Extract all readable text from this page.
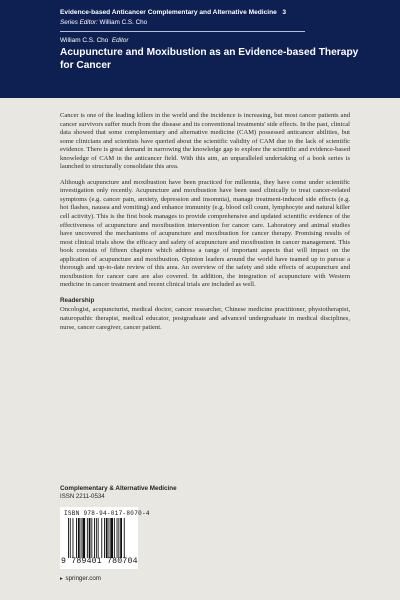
Evidence-based Anticancer Complementary and Alternative Medicine 3
Series Editor: William C.S. Cho
William C.S. Cho Editor
Acupuncture and Moxibustion as an Evidence-based Therapy for Cancer

Cancer is one of the leading killers in the world and the incidence is increasing, but most cancer patients and cancer survivors suffer much from the disease and its conventional treatments' side effects. In the past, clinical data showed that some complementary and alternative medicine (CAM) possessed anticancer abilities, but some clinicians and scientists have queried about the scientific validity of CAM due to the lack of scientific evidence. There is great demand in narrowing the knowledge gap to explore the scientific and evidence-based knowledge of CAM in the anticancer field. With this aim, an unparalleled undertaking of a book series is launched to structurally consolidate this area.

Although acupuncture and moxibustion have been practiced for millennia, they have come under scientific investigation only recently. Acupuncture and moxibustion have been used clinically to treat cancer-related symptoms (e.g. cancer pain, anxiety, depression and insomnia), manage treatment-induced side effects (e.g. hot flashes, nausea and vomiting) and enhance immunity (e.g. blood cell count, lymphocyte and natural killer cell activity). This is the first book manages to provide comprehensive and updated scientific evidence of the effectiveness of acupuncture and moxibustion intervention for cancer care. Laboratory and animal studies have uncovered the mechanisms of acupuncture and moxibustion for cancer therapy. Promising results of most clinical trials show the efficacy and safety of acupuncture and moxibustion in cancer management. This book consists of fifteen chapters which address a range of important aspects that will impact on the application of acupuncture and moxibustion. Opinion leaders around the world have teamed up to pursue a thorough and up-to-date review of this area. An overview of the safety and side effects of acupuncture and moxibustion for cancer care are also covered. In addition, the integration of acupuncture with Western medicine in cancer treatment and recent clinical trials are included as well.

Readership

Oncologist, acupuncturist, medical doctor, cancer researcher, Chinese medicine practitioner, physiotherapist, naturopathic therapist, medical educator, postgraduate and advanced undergraduate in medical disciplines, nurse, cancer caregiver, cancer patient.

Complementary & Alternative Medicine
ISSN 2211-0534
ISBN 978-94-017-8070-4
9 789401 780704
▸ springer.com
